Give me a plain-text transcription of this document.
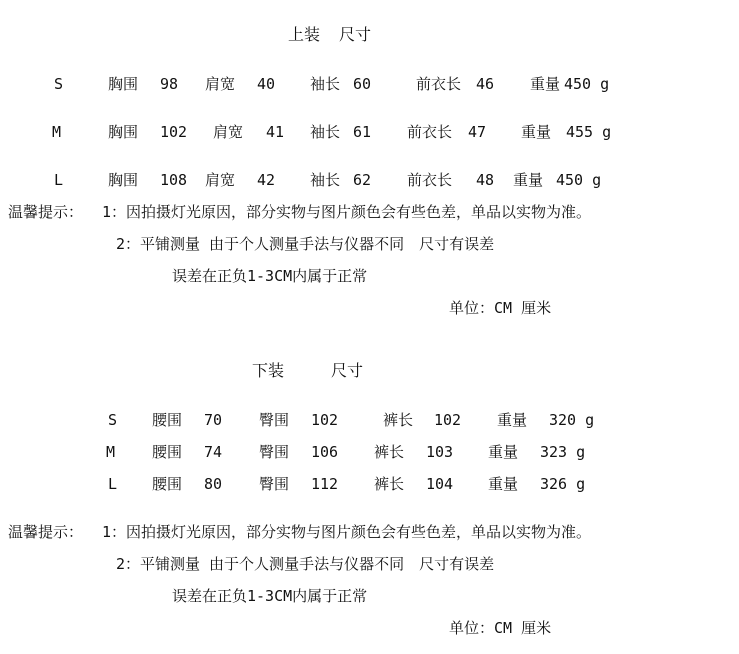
上装 尺寸
S	胸围 98 肩宽 40 袖长 60	前衣长 46 重量 450 g
M	胸围 102 肩宽 41 袖长 61 前衣长 47 重量 455 g
L	胸围 108 肩宽 42 袖长 62 前衣长 48 重量 450 g
温馨提示： 1：因拍摄灯光原因，部分实物与图片颜色会有些色差，单品以实物为准。
2：平铺测量 由于个人测量手法与仪器不同　尺寸有误差
误差在正负1-3CM内属于正常
单位：CM 厘米
下装	尺寸
S 腰围 70 臀围 102	裤长 102 重量 320 g
M 腰围 74 臀围 106 裤长 103 重量 323 g
L 腰围 80 臀围 112 裤长 104 重量 326 g
温馨提示： 1：因拍摄灯光原因，部分实物与图片颜色会有些色差，单品以实物为准。
2：平铺测量 由于个人测量手法与仪器不同　尺寸有误差
误差在正负1-3CM内属于正常
单位：CM 厘米
